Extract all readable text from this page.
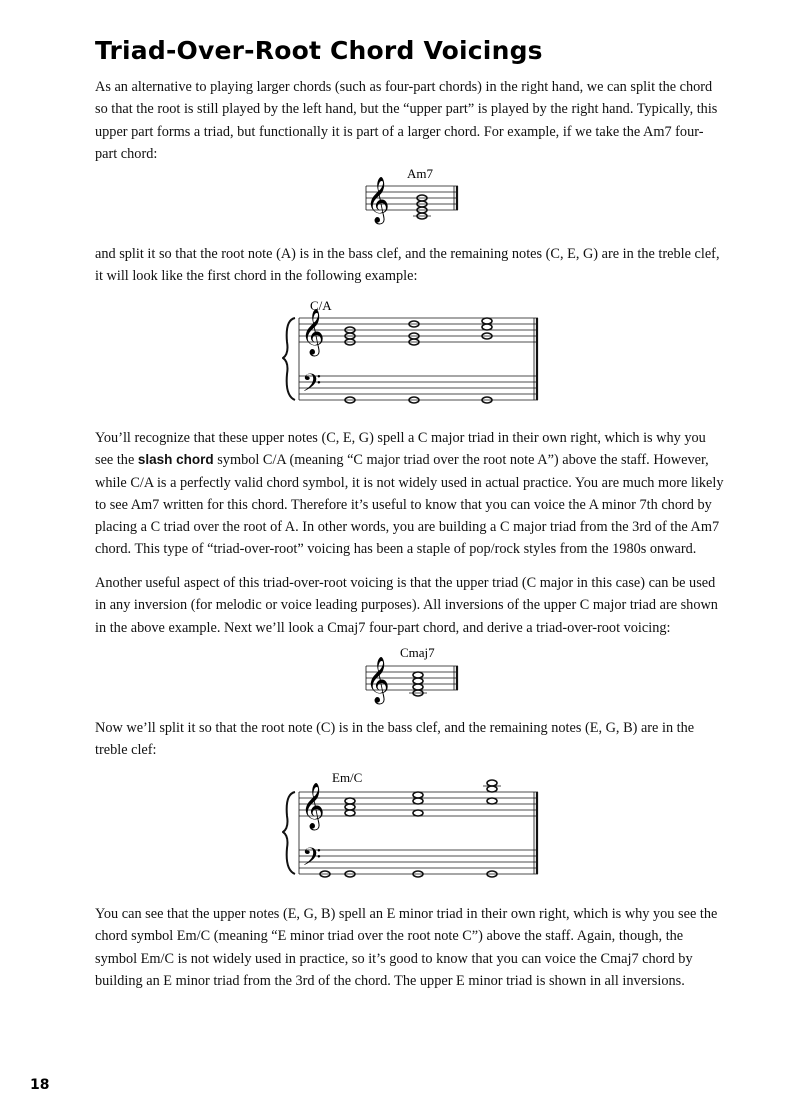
Triad-Over-Root Chord Voicings

As an alternative to playing larger chords (such as four-part chords) in the right hand, we can split the chord so that the root is still played by the left hand, but the “upper part” is played by the right hand. Typically, this upper part forms a triad, but functionally it is part of a larger chord. For example, if we take the Am7 four-part chord:

Am7
𝄞

and split it so that the root note (A) is in the bass clef, and the remaining notes (C, E, G) are in the treble clef, it will look like the first chord in the following example:

C/A
𝄞
𝄢

You’ll recognize that these upper notes (C, E, G) spell a C major triad in their own right, which is why you see the slash chord symbol C/A (meaning “C major triad over the root note A”) above the staff. However, while C/A is a perfectly valid chord symbol, it is not widely used in actual practice. You are much more likely to see Am7 written for this chord. Therefore it’s useful to know that you can voice the A minor 7th chord by placing a C triad over the root of A. In other words, you are building a C major triad from the 3rd of the Am7 chord. This type of “triad-over-root” voicing has been a staple of pop/rock styles from the 1980s onward.

Another useful aspect of this triad-over-root voicing is that the upper triad (C major in this case) can be used in any inversion (for melodic or voice leading purposes). All inversions of the upper C major triad are shown in the above example. Next we’ll look a Cmaj7 four-part chord, and derive a triad-over-root voicing:

Cmaj7
𝄞

Now we’ll split it so that the root note (C) is in the bass clef, and the remaining notes (E, G, B) are in the treble clef:

Em/C
𝄞
𝄢

You can see that the upper notes (E, G, B) spell an E minor triad in their own right, which is why you see the chord symbol Em/C (meaning “E minor triad over the root note C”) above the staff. Again, though, the symbol Em/C is not widely used in practice, so it’s good to know that you can voice the Cmaj7 chord by building an E minor triad from the 3rd of the chord. The upper E minor triad is shown in all inversions.

18
